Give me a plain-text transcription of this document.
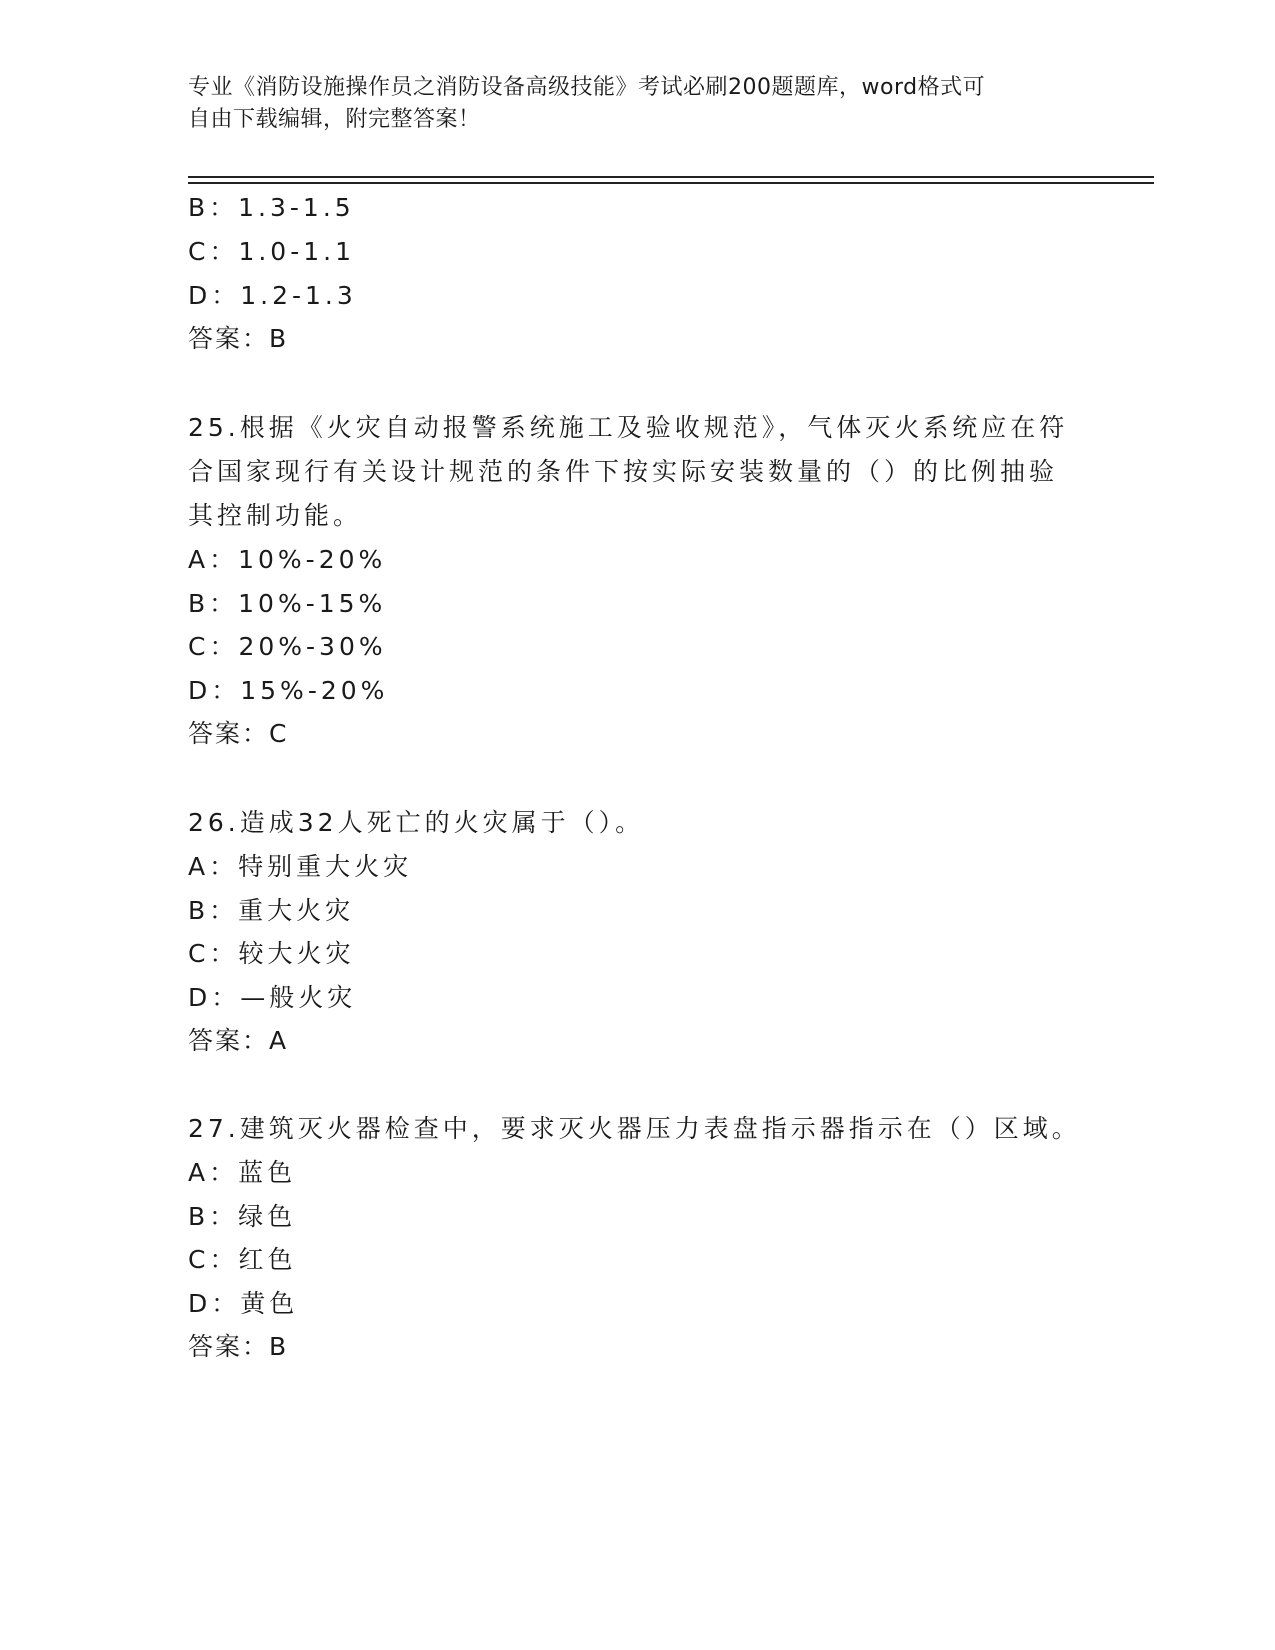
专业《消防设施操作员之消防设备高级技能》考试必刷200题题库，word格式可
自由下载编辑，附完整答案！
B：1.3-1.5
C：1.0-1.1
D：1.2-1.3
答案：B
25.根据《火灾自动报警系统施工及验收规范》，气体灭火系统应在符
合国家现行有关设计规范的条件下按实际安装数量的（）的比例抽验
其控制功能。
A：10%-20%
B：10%-15%
C：20%-30%
D：15%-20%
答案：C
26.造成32人死亡的火灾属于（）。
A：特别重大火灾
B：重大火灾
C：较大火灾
D：—般火灾
答案：A
27.建筑灭火器检查中，要求灭火器压力表盘指示器指示在（）区域。
A：蓝色
B：绿色
C：红色
D：黄色
答案：B
